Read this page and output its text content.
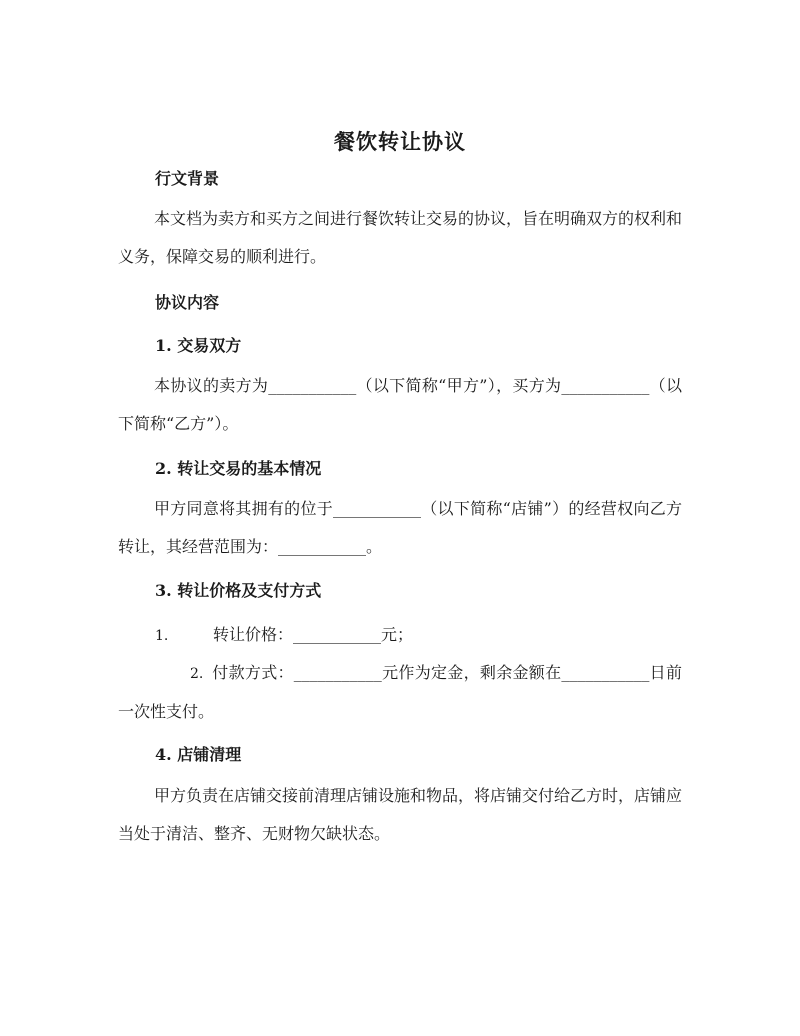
餐饮转让协议
行文背景
本文档为卖方和买方之间进行餐饮转让交易的协议，旨在明确双方的权利和义务，保障交易的顺利进行。
协议内容
1. 交易双方
本协议的卖方为___________（以下简称“甲方”），买方为___________（以下简称“乙方”）。
2. 转让交易的基本情况
甲方同意将其拥有的位于___________（以下简称“店铺”）的经营权向乙方转让，其经营范围为：___________。
3. 转让价格及支付方式
1.	转让价格：___________元；
2. 付款方式：___________元作为定金，剩余金额在___________日前一次性支付。
4. 店铺清理
甲方负责在店铺交接前清理店铺设施和物品，将店铺交付给乙方时，店铺应当处于清洁、整齐、无财物欠缺状态。
